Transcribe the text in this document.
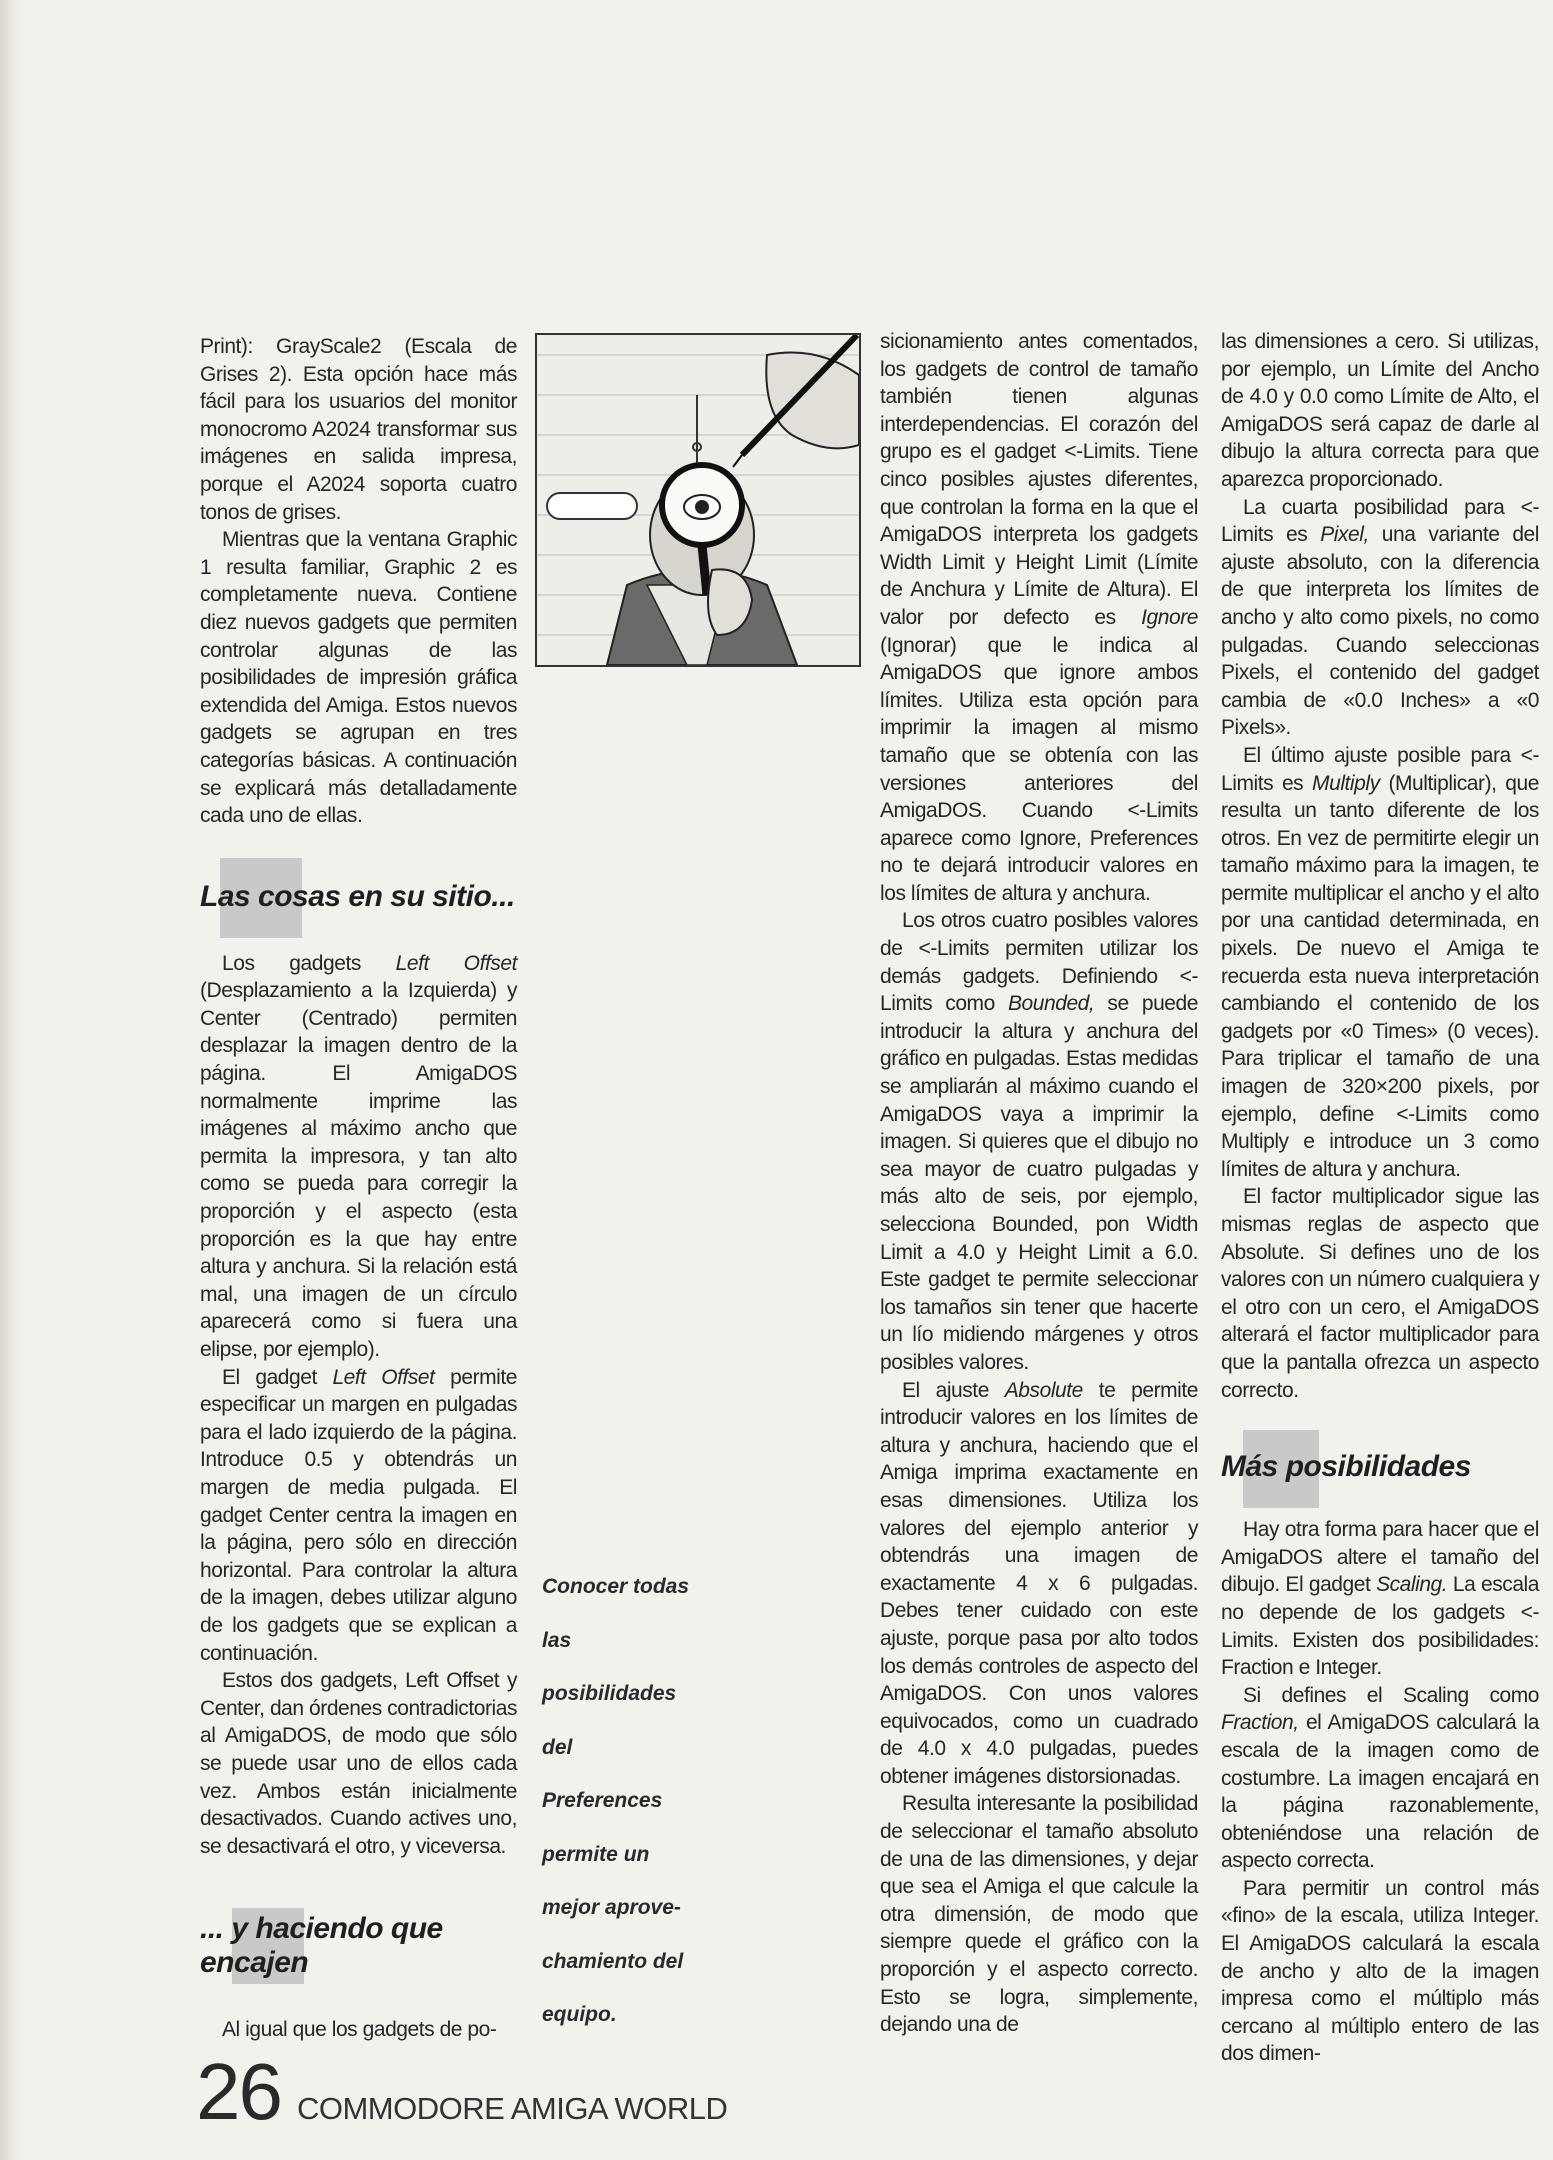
Print): GrayScale2 (Escala de Grises 2). Esta opción hace más fácil para los usuarios del monitor monocromo A2024 transformar sus imágenes en salida impresa, porque el A2024 soporta cuatro tonos de grises.

Mientras que la ventana Graphic 1 resulta familiar, Graphic 2 es completamente nueva. Contiene diez nuevos gadgets que permiten controlar algunas de las posibilidades de impresión gráfica extendida del Amiga. Estos nuevos gadgets se agrupan en tres categorías básicas. A continuación se explicará más detalladamente cada uno de ellas.

Las cosas en su sitio...

Los gadgets Left Offset (Desplazamiento a la Izquierda) y Center (Centrado) permiten desplazar la imagen dentro de la página. El AmigaDOS normalmente imprime las imágenes al máximo ancho que permita la impresora, y tan alto como se pueda para corregir la proporción y el aspecto (esta proporción es la que hay entre altura y anchura. Si la relación está mal, una imagen de un círculo aparecerá como si fuera una elipse, por ejemplo).

El gadget Left Offset permite especificar un margen en pulgadas para el lado izquierdo de la página. Introduce 0.5 y obtendrás un margen de media pulgada. El gadget Center centra la imagen en la página, pero sólo en dirección horizontal. Para controlar la altura de la imagen, debes utilizar alguno de los gadgets que se explican a continuación.

Estos dos gadgets, Left Offset y Center, dan órdenes contradictorias al AmigaDOS, de modo que sólo se puede usar uno de ellos cada vez. Ambos están inicialmente desactivados. Cuando actives uno, se desactivará el otro, y viceversa.

... y haciendo que encajen

Al igual que los gadgets de po-

Conocer todas
las
posibilidades
del
Preferences
permite un
mejor aprove-
chamiento del
equipo.

sicionamiento antes comentados, los gadgets de control de tamaño también tienen algunas interdependencias. El corazón del grupo es el gadget <-Limits. Tiene cinco posibles ajustes diferentes, que controlan la forma en la que el AmigaDOS interpreta los gadgets Width Limit y Height Limit (Límite de Anchura y Límite de Altura). El valor por defecto es Ignore (Ignorar) que le indica al AmigaDOS que ignore ambos límites. Utiliza esta opción para imprimir la imagen al mismo tamaño que se obtenía con las versiones anteriores del AmigaDOS. Cuando <-Limits aparece como Ignore, Preferences no te dejará introducir valores en los límites de altura y anchura.

Los otros cuatro posibles valores de <-Limits permiten utilizar los demás gadgets. Definiendo <- Limits como Bounded, se puede introducir la altura y anchura del gráfico en pulgadas. Estas medidas se ampliarán al máximo cuando el AmigaDOS vaya a imprimir la imagen. Si quieres que el dibujo no sea mayor de cuatro pulgadas y más alto de seis, por ejemplo, selecciona Bounded, pon Width Limit a 4.0 y Height Limit a 6.0. Este gadget te permite seleccionar los tamaños sin tener que hacerte un lío midiendo márgenes y otros posibles valores.

El ajuste Absolute te permite introducir valores en los límites de altura y anchura, haciendo que el Amiga imprima exactamente en esas dimensiones. Utiliza los valores del ejemplo anterior y obtendrás una imagen de exactamente 4 x 6 pulgadas. Debes tener cuidado con este ajuste, porque pasa por alto todos los demás controles de aspecto del AmigaDOS. Con unos valores equivocados, como un cuadrado de 4.0 x 4.0 pulgadas, puedes obtener imágenes distorsionadas.

Resulta interesante la posibilidad de seleccionar el tamaño absoluto de una de las dimensiones, y dejar que sea el Amiga el que calcule la otra dimensión, de modo que siempre quede el gráfico con la proporción y el aspecto correcto. Esto se logra, simplemente, dejando una de

las dimensiones a cero. Si utilizas, por ejemplo, un Límite del Ancho de 4.0 y 0.0 como Límite de Alto, el AmigaDOS será capaz de darle al dibujo la altura correcta para que aparezca proporcionado.

La cuarta posibilidad para <- Limits es Pixel, una variante del ajuste absoluto, con la diferencia de que interpreta los límites de ancho y alto como pixels, no como pulgadas. Cuando seleccionas Pixels, el contenido del gadget cambia de «0.0 Inches» a «0 Pixels».

El último ajuste posible para <- Limits es Multiply (Multiplicar), que resulta un tanto diferente de los otros. En vez de permitirte elegir un tamaño máximo para la imagen, te permite multiplicar el ancho y el alto por una cantidad determinada, en pixels. De nuevo el Amiga te recuerda esta nueva interpretación cambiando el contenido de los gadgets por «0 Times» (0 veces). Para triplicar el tamaño de una imagen de 320×200 pixels, por ejemplo, define <-Limits como Multiply e introduce un 3 como límites de altura y anchura.

El factor multiplicador sigue las mismas reglas de aspecto que Absolute. Si defines uno de los valores con un número cualquiera y el otro con un cero, el AmigaDOS alterará el factor multiplicador para que la pantalla ofrezca un aspecto correcto.

Más posibilidades

Hay otra forma para hacer que el AmigaDOS altere el tamaño del dibujo. El gadget Scaling. La escala no depende de los gadgets <- Limits. Existen dos posibilidades: Fraction e Integer.

Si defines el Scaling como Fraction, el AmigaDOS calculará la escala de la imagen como de costumbre. La imagen encajará en la página razonablemente, obteniéndose una relación de aspecto correcta.

Para permitir un control más «fino» de la escala, utiliza Integer. El AmigaDOS calculará la escala de ancho y alto de la imagen impresa como el múltiplo más cercano al múltiplo entero de las dos dimen-

26 COMMODORE AMIGA WORLD
